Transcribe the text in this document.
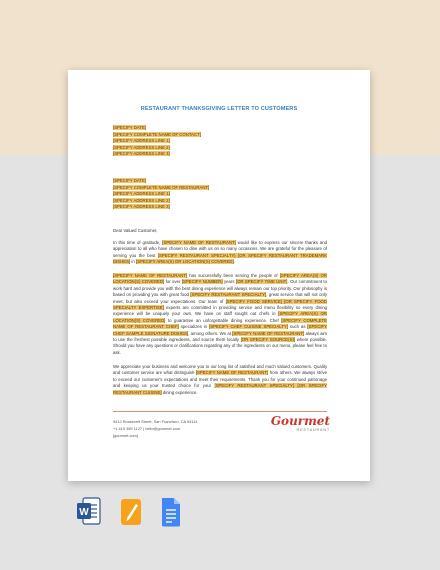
RESTAURANT THANKSGIVING LETTER TO CUSTOMERS
[SPECIFY DATE]
[SPECIFY COMPLETE NAME OF CONTACT]
[SPECIFY ADDRESS LINE 1]
[SPECIFY ADDRESS LINE 2]
[SPECIFY ADDRESS LINE 3]
[SPECIFY DATE]
[SPECIFY COMPLETE NAME OF RESTAURANT]
[SPECIFY ADDRESS LINE 1]
[SPECIFY ADDRESS LINE 2]
[SPECIFY ADDRESS LINE 3]
Dear Valued Customer,
In this time of gratitude, [SPECIFY NAME OF RESTAURANT] would like to express our sincere thanks and appreciation to all who have chosen to dine with us on so many occasions. We are grateful for the pleasure of serving you the best [SPECIFY RESTAURANT SPECIALTY] [OR SPECIFY RESTAURANT TRADEMARK DISHES] in [SPECIFY AREA(S) OR LOCATION(S) COVERED].
[SPECIFY NAME OF RESTAURANT] has successfully been serving the people of [SPECIFY AREA(S) OR LOCATION(S) COVERED] for over [SPECIFY NUMBER] years [OR SPECIFY TIME UNIT]. Our commitment to work hard and provide you with the best dining experience will always remain our top priority. Our philosophy is based on providing you with great food [SPECIFY RESTAURANT SPECIALTY], great service that will not only meet, but also exceed your expectations. Our team of [SPECIFY FOOD SERVICE] [OR SPECIFY FOOD SPECIALTY EXPERTISE] experts are committed in providing service and menu flexibility so every dining experience will be uniquely your own. We have on staff sought out chefs in [SPECIFY AREA(S) OR LOCATION(S) COVERED] to guarantee an unforgettable dining experience. Chef [SPECIFY COMPLETE NAME OF RESTAURANT CHEF] specializes in [SPECIFY CHEF CUISINE SPECIALTY] such as [SPECIFY CHEF SAMPLE SIGNATURE DISHES], among others. We at [SPECIFY NAME OF RESTAURANT] always aim to use the freshest possible ingredients, and source them locally [OR SPECIFY SOURCE(S)] where possible. Should you have any questions or clarifications regarding any of the ingredients on our menu, please feel free to ask.
We appreciate your business and welcome you to our long list of satisfied and much valued customers. Quality and customer service are what distinguish [SPECIFY NAME OF RESTAURANT] from others. We always strive to exceed our customer's expectations and meet their requirements. Thank you for your continued patronage and keeping us your trusted choice for your [SPECIFY RESTAURANT SPECIALTY] [OR SPECIFY RESTAURANT CUISINE] dining experience.
9412 Roosevelt Street, San Francisco, CA 94114
+1 415 359 1127 | hello@gourmet.com
[gourmet.com]
Gourmet
RESTAURANT
W
